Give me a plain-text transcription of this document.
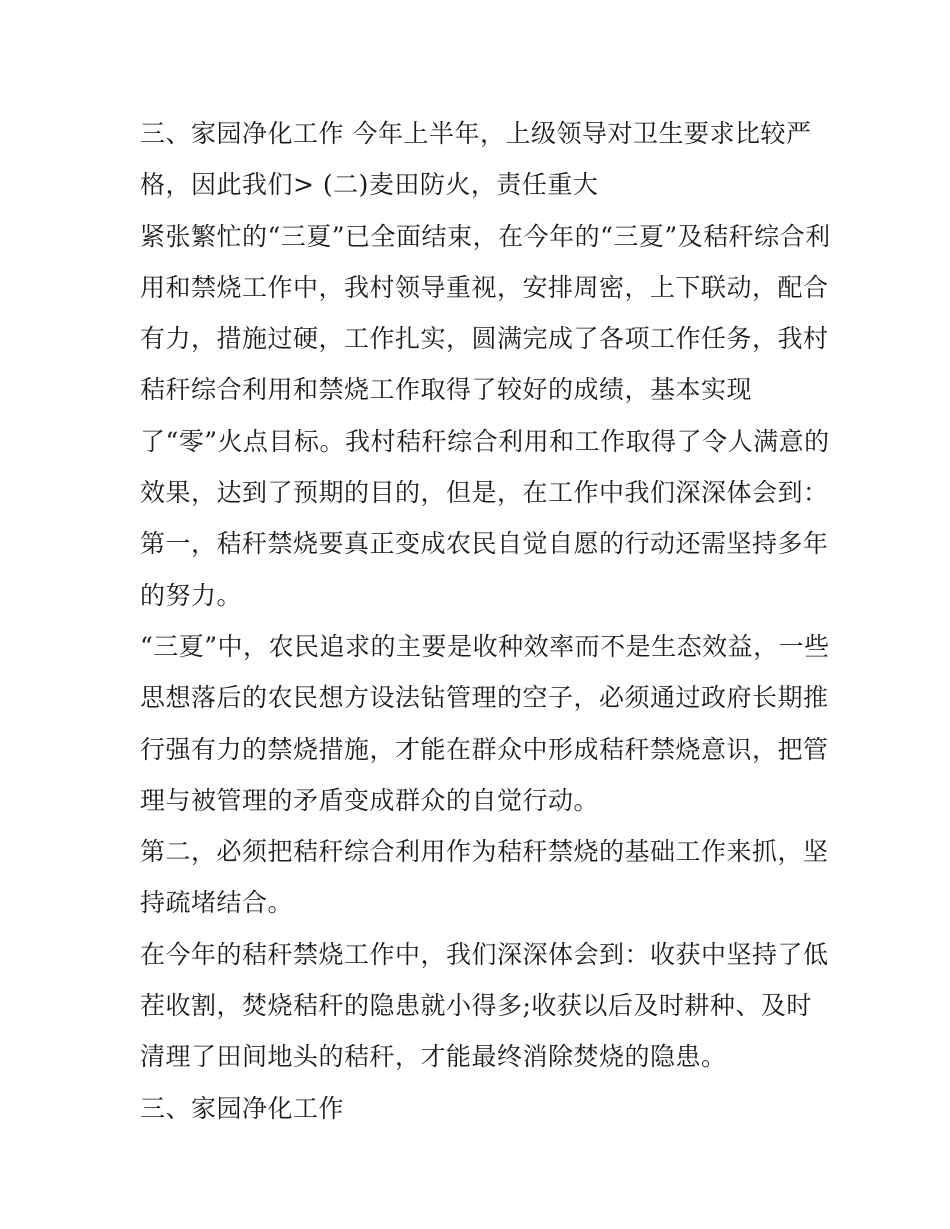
三、家园净化工作 今年上半年，上级领导对卫生要求比较严
格，因此我们> (二)麦田防火，责任重大
紧张繁忙的“三夏”已全面结束，在今年的“三夏”及秸秆综合利
用和禁烧工作中，我村领导重视，安排周密，上下联动，配合
有力，措施过硬，工作扎实，圆满完成了各项工作任务，我村
秸秆综合利用和禁烧工作取得了较好的成绩，基本实现
了“零”火点目标。我村秸秆综合利用和工作取得了令人满意的
效果，达到了预期的目的，但是，在工作中我们深深体会到：
第一，秸秆禁烧要真正变成农民自觉自愿的行动还需坚持多年
的努力。
“三夏”中，农民追求的主要是收种效率而不是生态效益，一些
思想落后的农民想方设法钻管理的空子，必须通过政府长期推
行强有力的禁烧措施，才能在群众中形成秸秆禁烧意识，把管
理与被管理的矛盾变成群众的自觉行动。
第二，必须把秸秆综合利用作为秸秆禁烧的基础工作来抓，坚
持疏堵结合。
在今年的秸秆禁烧工作中，我们深深体会到：收获中坚持了低
茬收割，焚烧秸秆的隐患就小得多;收获以后及时耕种、及时
清理了田间地头的秸秆，才能最终消除焚烧的隐患。
三、家园净化工作
